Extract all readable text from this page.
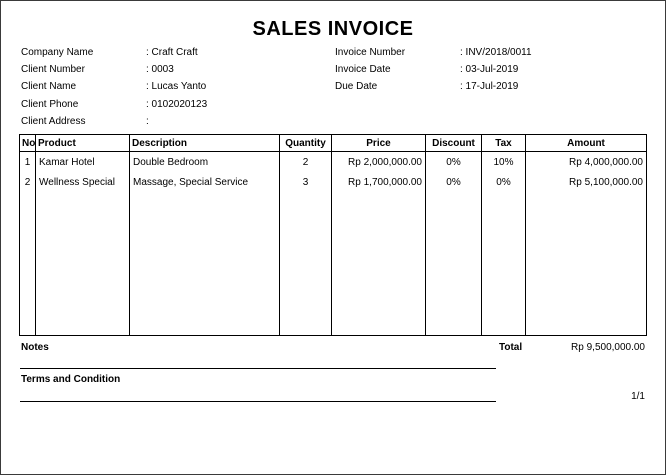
SALES INVOICE
Company Name	: Craft Craft
Client Number	: 0003
Client Name	: Lucas Yanto
Client Phone	: 0102020123
Client Address	:
Invoice Number	: INV/2018/0011
Invoice Date	: 03-Jul-2019
Due Date	: 17-Jul-2019
No	Product	Description	Quantity	Price	Discount	Tax	Amount
1	Kamar Hotel	Double Bedroom	2	Rp 2,000,000.00	0%	10%	Rp 4,000,000.00
2	Wellness Special	Massage, Special Service	3	Rp 1,700,000.00	0%	0%	Rp 5,100,000.00

Notes	Total	Rp 9,500,000.00
Terms and Condition
1/1
